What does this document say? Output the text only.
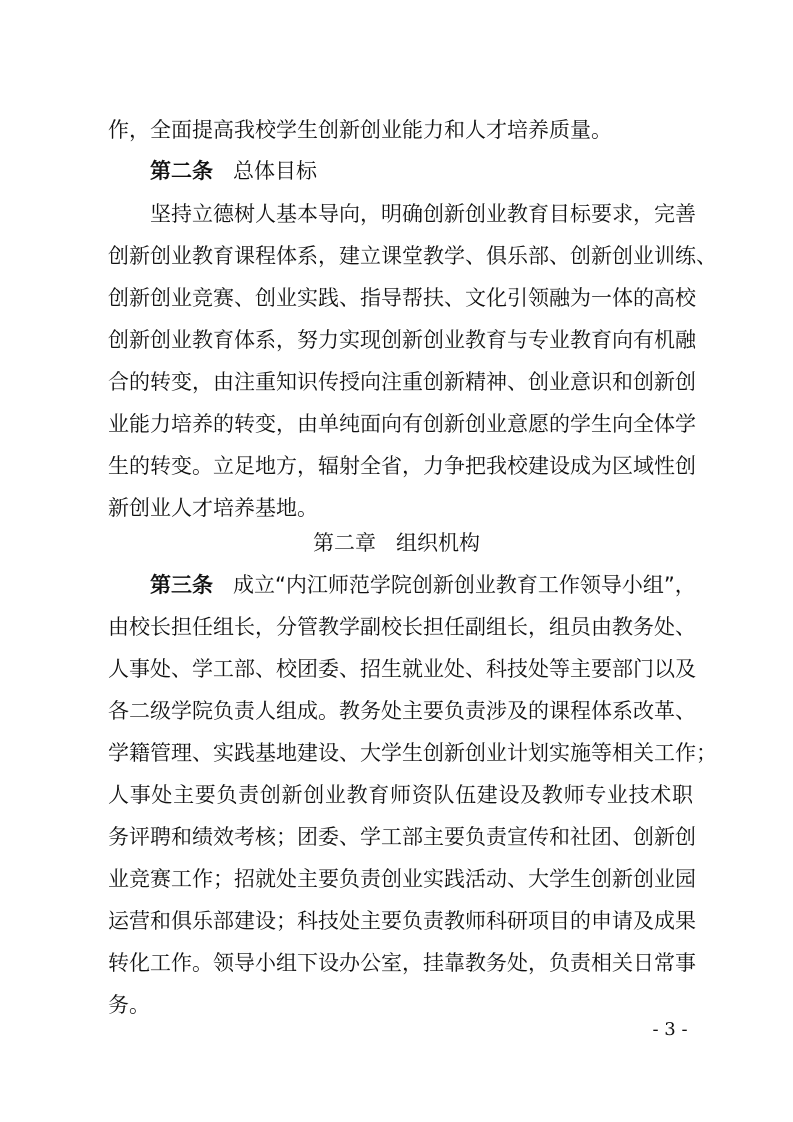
作，全面提高我校学生创新创业能力和人才培养质量。
第二条 总体目标
坚持立德树人基本导向，明确创新创业教育目标要求，完善
创新创业教育课程体系，建立课堂教学、俱乐部、创新创业训练、
创新创业竞赛、创业实践、指导帮扶、文化引领融为一体的高校
创新创业教育体系，努力实现创新创业教育与专业教育向有机融
合的转变，由注重知识传授向注重创新精神、创业意识和创新创
业能力培养的转变，由单纯面向有创新创业意愿的学生向全体学
生的转变。立足地方，辐射全省，力争把我校建设成为区域性创
新创业人才培养基地。
第二章 组织机构
第三条 成立“内江师范学院创新创业教育工作领导小组”，
由校长担任组长，分管教学副校长担任副组长，组员由教务处、
人事处、学工部、校团委、招生就业处、科技处等主要部门以及
各二级学院负责人组成。教务处主要负责涉及的课程体系改革、
学籍管理、实践基地建设、大学生创新创业计划实施等相关工作；
人事处主要负责创新创业教育师资队伍建设及教师专业技术职
务评聘和绩效考核；团委、学工部主要负责宣传和社团、创新创
业竞赛工作；招就处主要负责创业实践活动、大学生创新创业园
运营和俱乐部建设；科技处主要负责教师科研项目的申请及成果
转化工作。领导小组下设办公室，挂靠教务处，负责相关日常事
务。
- 3 -
